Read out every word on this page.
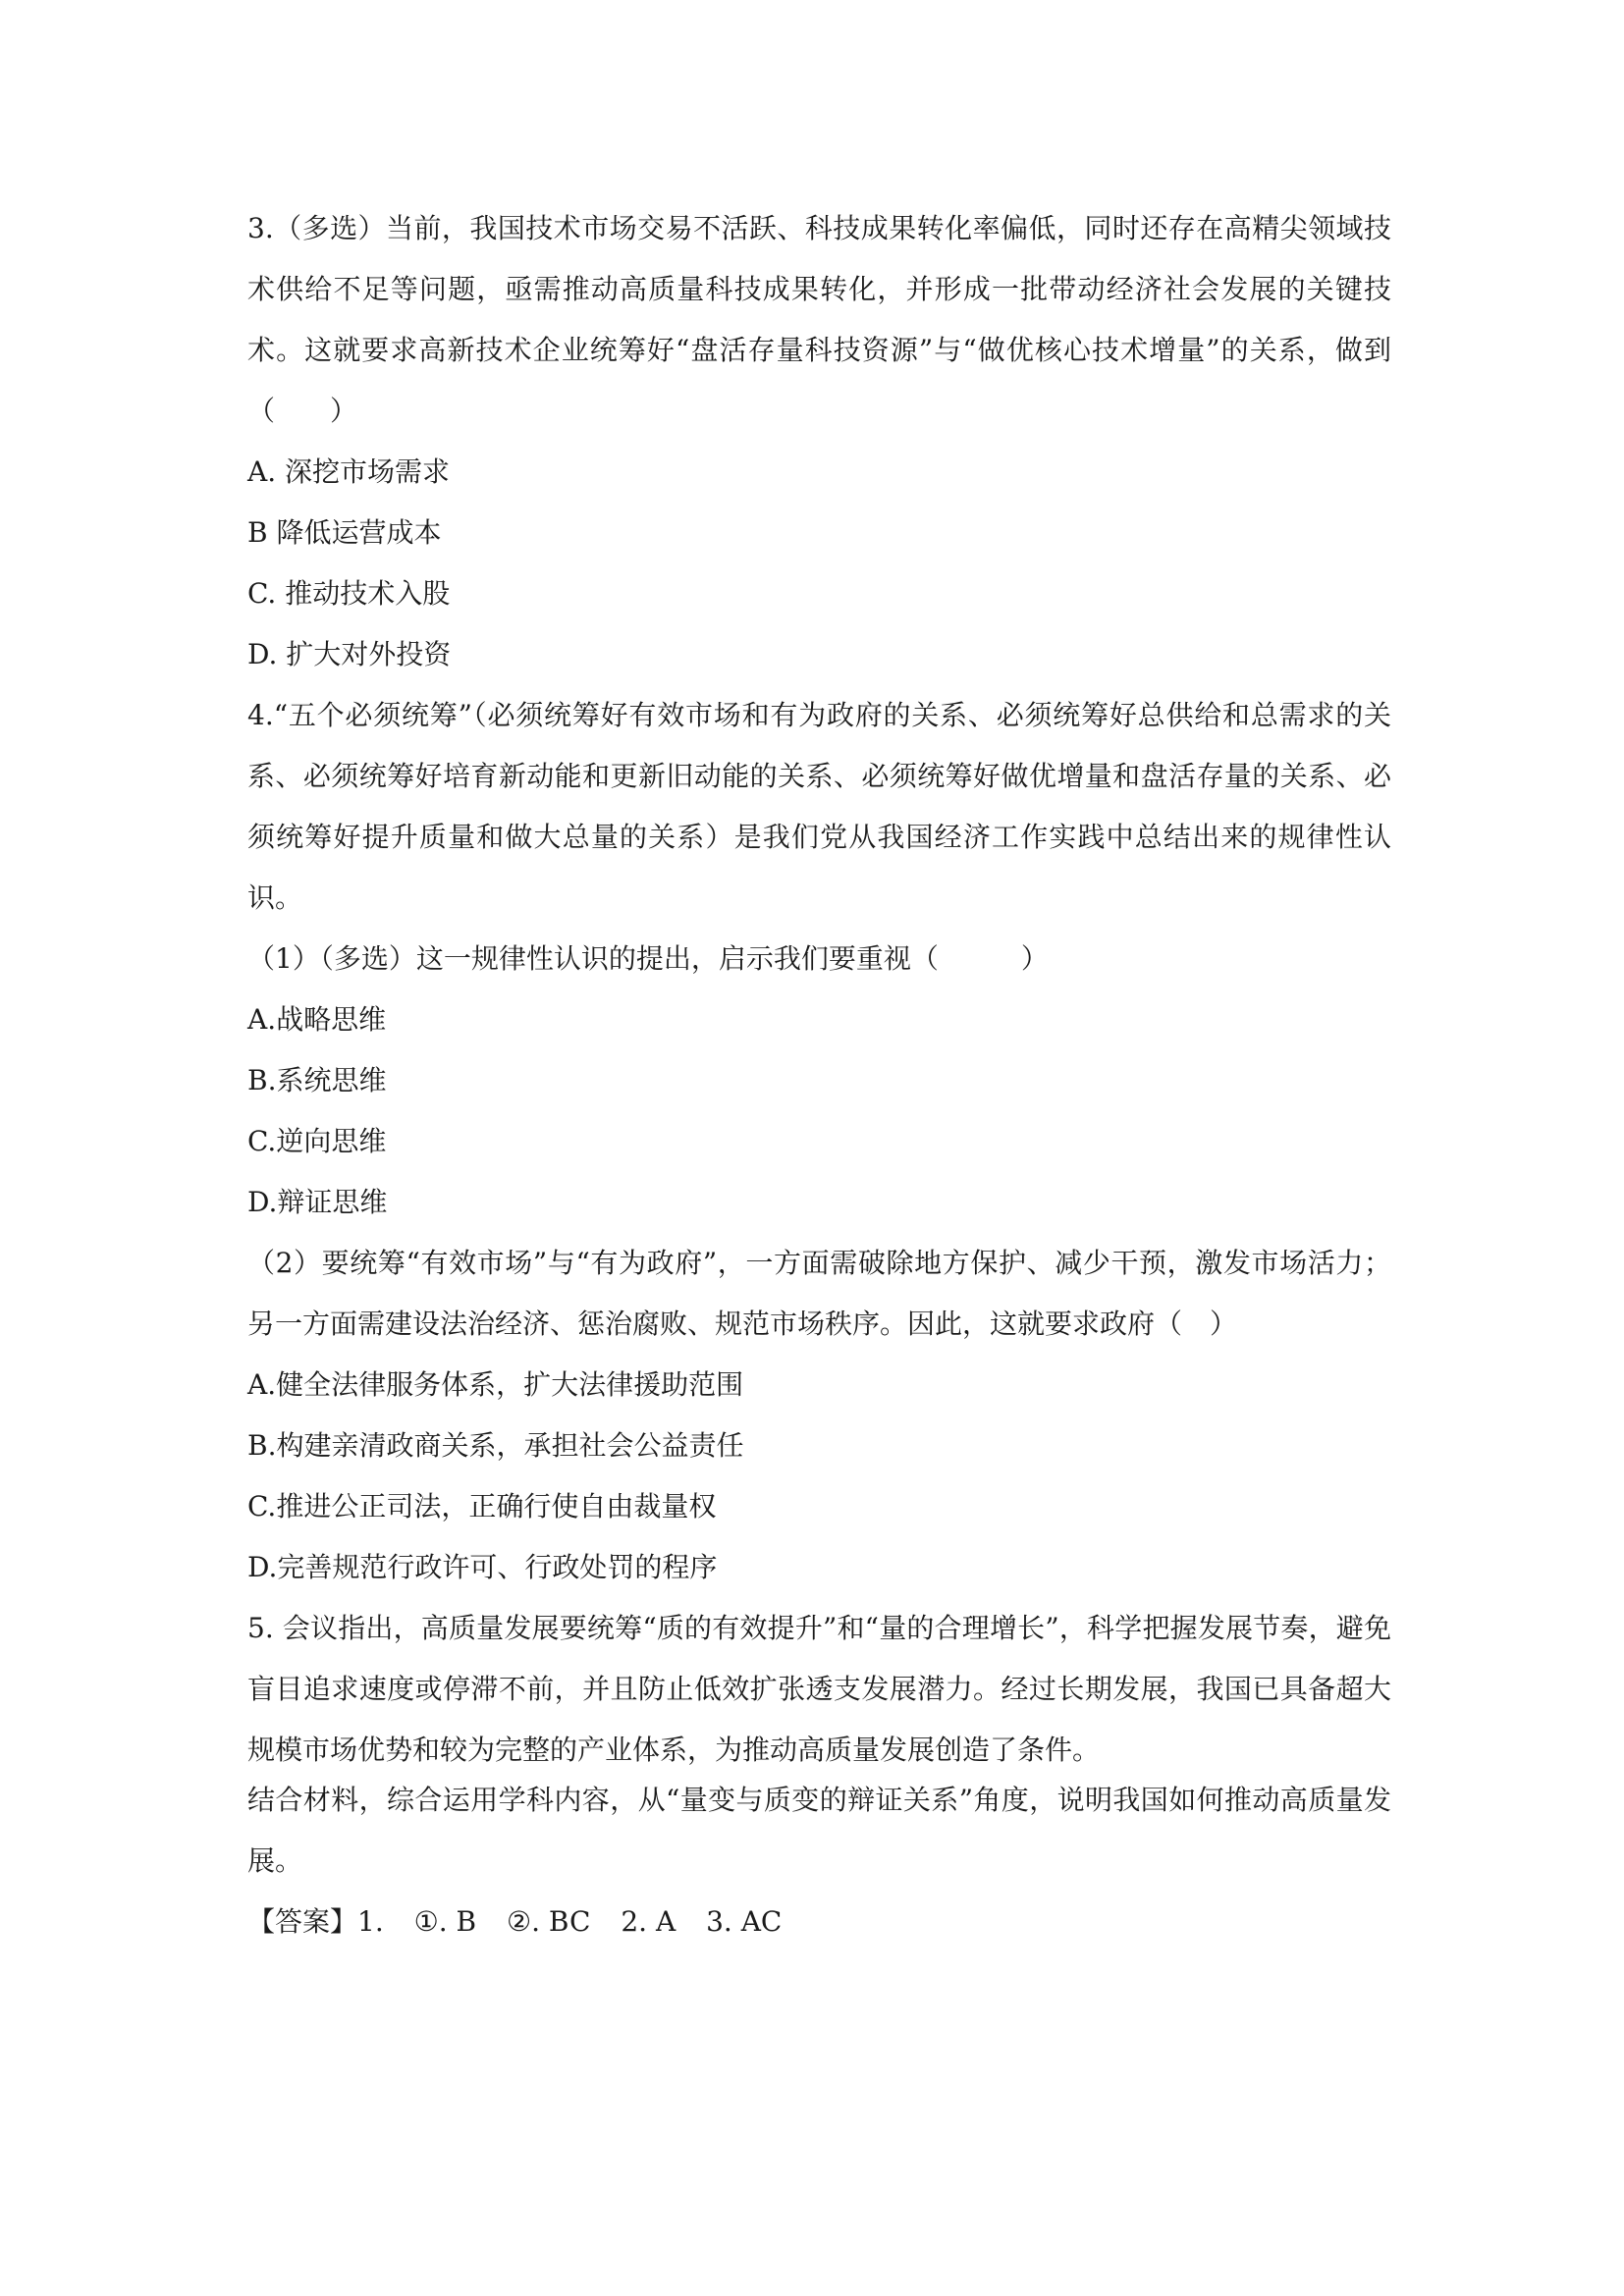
3.（多选）当前，我国技术市场交易不活跃、科技成果转化率偏低，同时还存在高精尖领域技术供给不足等问题，亟需推动高质量科技成果转化，并形成一批带动经济社会发展的关键技术。这就要求高新技术企业统筹好“盘活存量科技资源”与“做优核心技术增量”的关系，做到（　　）
A. 深挖市场需求
B 降低运营成本
C. 推动技术入股
D. 扩大对外投资
4.“五个必须统筹”（必须统筹好有效市场和有为政府的关系、必须统筹好总供给和总需求的关系、必须统筹好培育新动能和更新旧动能的关系、必须统筹好做优增量和盘活存量的关系、必须统筹好提升质量和做大总量的关系）是我们党从我国经济工作实践中总结出来的规律性认识。
（1）（多选）这一规律性认识的提出，启示我们要重视（　　　）
A.战略思维
B.系统思维
C.逆向思维
D.辩证思维
（2）要统筹“有效市场”与“有为政府”，一方面需破除地方保护、减少干预，激发市场活力；另一方面需建设法治经济、惩治腐败、规范市场秩序。因此，这就要求政府（　）
A.健全法律服务体系，扩大法律援助范围
B.构建亲清政商关系，承担社会公益责任
C.推进公正司法，正确行使自由裁量权
D.完善规范行政许可、行政处罚的程序
5. 会议指出，高质量发展要统筹“质的有效提升”和“量的合理增长”，科学把握发展节奏，避免盲目追求速度或停滞不前，并且防止低效扩张透支发展潜力。经过长期发展，我国已具备超大规模市场优势和较为完整的产业体系，为推动高质量发展创造了条件。
结合材料，综合运用学科内容，从“量变与质变的辩证关系”角度，说明我国如何推动高质量发展。
【答案】1. ①. B ②. BC 2. A 3. AC
